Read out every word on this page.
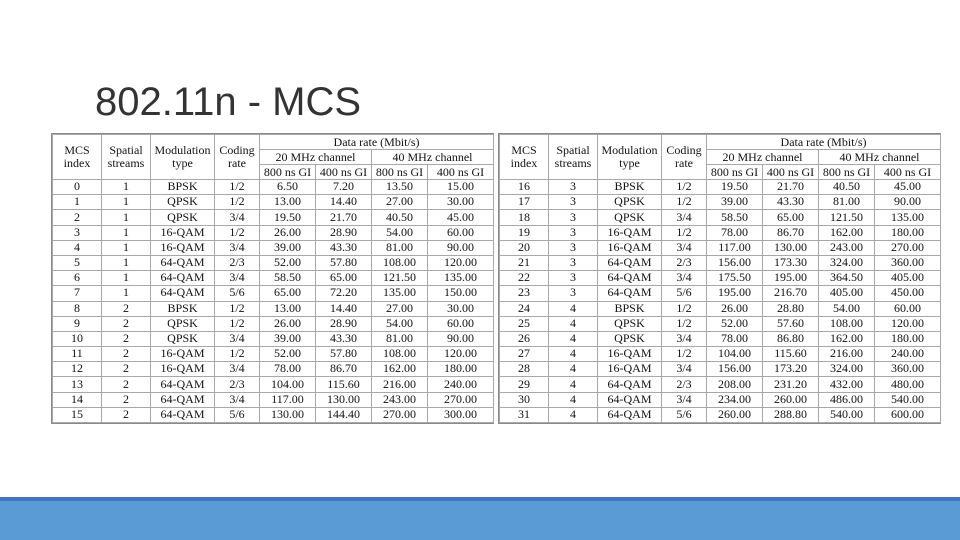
802.11n - MCS
MCS index	Spatial streams	Modulation type	Coding rate	Data rate (Mbit/s)			
				20 MHz channel		40 MHz channel	
				800 ns GI	400 ns GI	800 ns GI	400 ns GI
0	1	BPSK	1/2	6.50	7.20	13.50	15.00
1	1	QPSK	1/2	13.00	14.40	27.00	30.00
2	1	QPSK	3/4	19.50	21.70	40.50	45.00
3	1	16-QAM	1/2	26.00	28.90	54.00	60.00
4	1	16-QAM	3/4	39.00	43.30	81.00	90.00
5	1	64-QAM	2/3	52.00	57.80	108.00	120.00
6	1	64-QAM	3/4	58.50	65.00	121.50	135.00
7	1	64-QAM	5/6	65.00	72.20	135.00	150.00
8	2	BPSK	1/2	13.00	14.40	27.00	30.00
9	2	QPSK	1/2	26.00	28.90	54.00	60.00
10	2	QPSK	3/4	39.00	43.30	81.00	90.00
11	2	16-QAM	1/2	52.00	57.80	108.00	120.00
12	2	16-QAM	3/4	78.00	86.70	162.00	180.00
13	2	64-QAM	2/3	104.00	115.60	216.00	240.00
14	2	64-QAM	3/4	117.00	130.00	243.00	270.00
15	2	64-QAM	5/6	130.00	144.40	270.00	300.00
MCS index	Spatial streams	Modulation type	Coding rate	Data rate (Mbit/s)			
				20 MHz channel		40 MHz channel	
				800 ns GI	400 ns GI	800 ns GI	400 ns GI
16	3	BPSK	1/2	19.50	21.70	40.50	45.00
17	3	QPSK	1/2	39.00	43.30	81.00	90.00
18	3	QPSK	3/4	58.50	65.00	121.50	135.00
19	3	16-QAM	1/2	78.00	86.70	162.00	180.00
20	3	16-QAM	3/4	117.00	130.00	243.00	270.00
21	3	64-QAM	2/3	156.00	173.30	324.00	360.00
22	3	64-QAM	3/4	175.50	195.00	364.50	405.00
23	3	64-QAM	5/6	195.00	216.70	405.00	450.00
24	4	BPSK	1/2	26.00	28.80	54.00	60.00
25	4	QPSK	1/2	52.00	57.60	108.00	120.00
26	4	QPSK	3/4	78.00	86.80	162.00	180.00
27	4	16-QAM	1/2	104.00	115.60	216.00	240.00
28	4	16-QAM	3/4	156.00	173.20	324.00	360.00
29	4	64-QAM	2/3	208.00	231.20	432.00	480.00
30	4	64-QAM	3/4	234.00	260.00	486.00	540.00
31	4	64-QAM	5/6	260.00	288.80	540.00	600.00
